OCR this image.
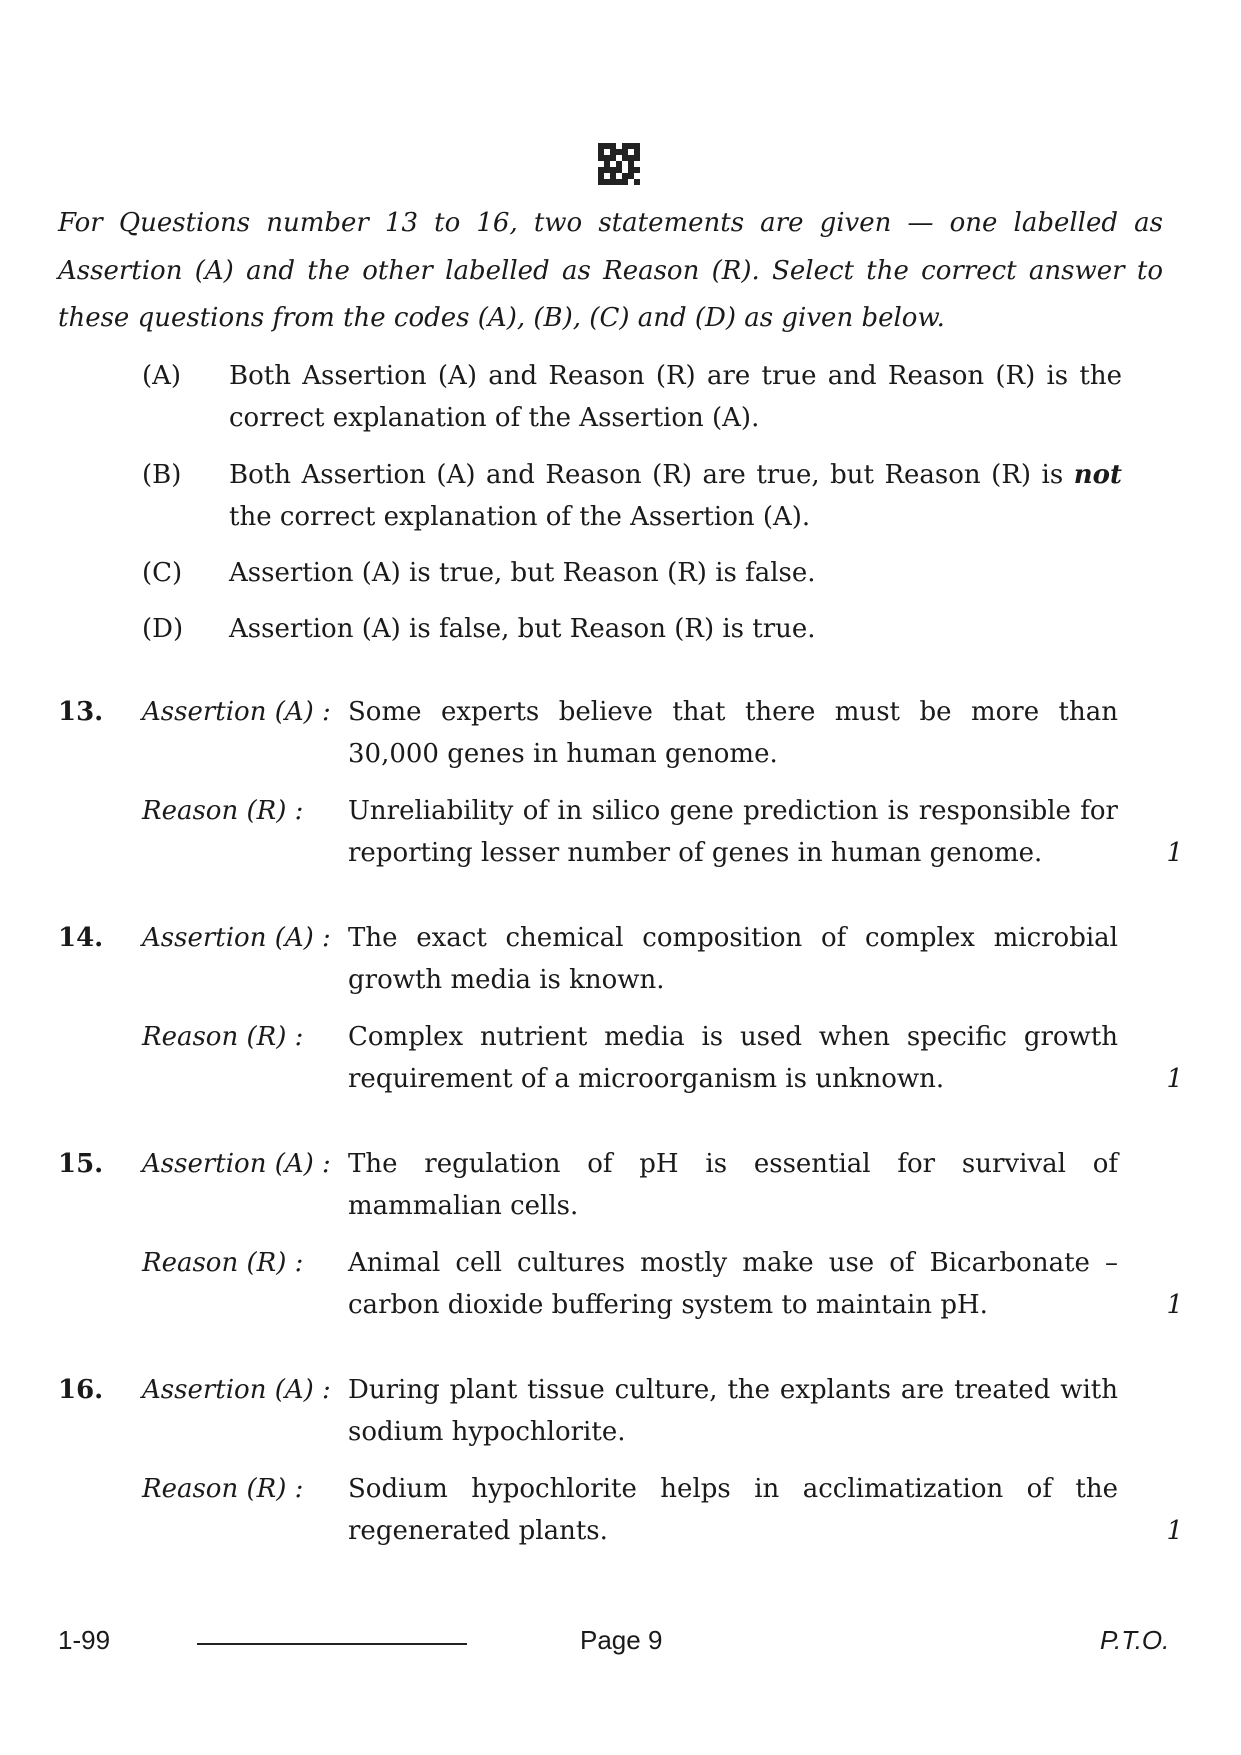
For Questions number 13 to 16, two statements are given — one labelled as Assertion (A) and the other labelled as Reason (R). Select the correct answer to these questions from the codes (A), (B), (C) and (D) as given below.
(A) Both Assertion (A) and Reason (R) are true and Reason (R) is the correct explanation of the Assertion (A).
(B) Both Assertion (A) and Reason (R) are true, but Reason (R) is not the correct explanation of the Assertion (A).
(C) Assertion (A) is true, but Reason (R) is false.
(D) Assertion (A) is false, but Reason (R) is true.
13. Assertion (A) : Some experts believe that there must be more than 30,000 genes in human genome.
Reason (R) : Unreliability of in silico gene prediction is responsible for reporting lesser number of genes in human genome.	1
14. Assertion (A) : The exact chemical composition of complex microbial growth media is known.
Reason (R) : Complex nutrient media is used when specific growth requirement of a microorganism is unknown.	1
15. Assertion (A) : The regulation of pH is essential for survival of mammalian cells.
Reason (R) : Animal cell cultures mostly make use of Bicarbonate – carbon dioxide buffering system to maintain pH.	1
16. Assertion (A) : During plant tissue culture, the explants are treated with sodium hypochlorite.
Reason (R) : Sodium hypochlorite helps in acclimatization of the regenerated plants.	1
1-99	Page 9	P.T.O.
